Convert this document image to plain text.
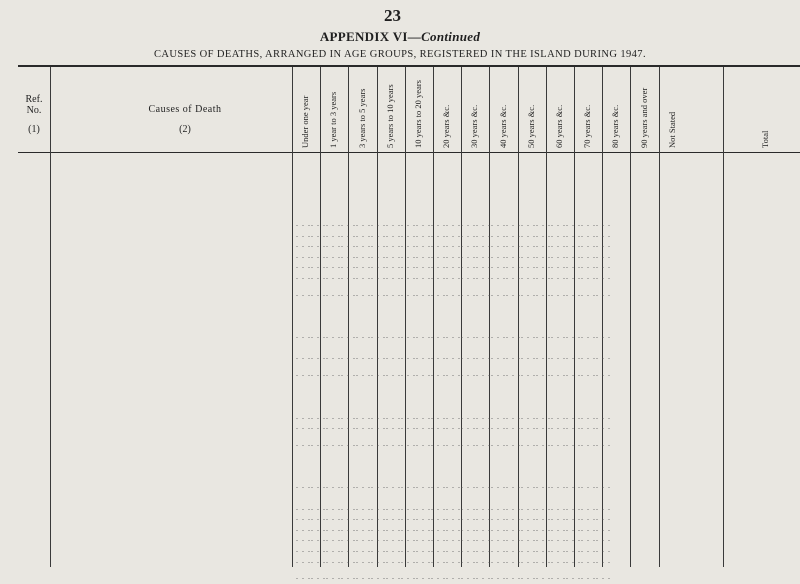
23
APPENDIX VI—Continued
CAUSES OF DEATHS, ARRANGED IN AGE GROUPS, REGISTERED IN THE ISLAND DURING 1947.
Ref.
No.
(1)
Causes of Death
(2)	Under one year 1 year to 3 years 3 years to 5 years 5 years to 10 years 10 years to 20 years 20 years &c. 30 years &c. 40 years &c. 50 years &c. 60 years &c. 70 years &c. 80 years &c. 90 years and over Not Stated	Total
. . .. . .. . .. . .. . .. . .. . .. . .. . .. . .. . .. . .. . .. . .. . .. . .. . .. . .. . .. . .. . .
. . .. . .. . .. . .. . .. . .. . .. . .. . .. . .. . .. . .. . .. . .. . .. . .. . .. . .. . .. . .. . .
. . .. . .. . .. . .. . .. . .. . .. . .. . .. . .. . .. . .. . .. . .. . .. . .. . .. . .. . .. . .. . .
. . .. . .. . .. . .. . .. . .. . .. . .. . .. . .. . .. . .. . .. . .. . .. . .. . .. . .. . .. . .. . .
. . .. . .. . .. . .. . .. . .. . .. . .. . .. . .. . .. . .. . .. . .. . .. . .. . .. . .. . .. . .. . .
. . .. . .. . .. . .. . .. . .. . .. . .. . .. . .. . .. . .. . .. . .. . .. . .. . .. . .. . .. . .. . .
. . .. . .. . .. . .. . .. . .. . .. . .. . .. . .. . .. . .. . .. . .. . .. . .. . .. . .. . .. . .. . .
. . .. . .. . .. . .. . .. . .. . .. . .. . .. . .. . .. . .. . .. . .. . .. . .. . .. . .. . .. . .. . .
. . .. . .. . .. . .. . .. . .. . .. . .. . .. . .. . .. . .. . .. . .. . .. . .. . .. . .. . .. . .. . .
. . .. . .. . .. . .. . .. . .. . .. . .. . .. . .. . .. . .. . .. . .. . .. . .. . .. . .. . .. . .. . .
. . .. . .. . .. . .. . .. . .. . .. . .. . .. . .. . .. . .. . .. . .. . .. . .. . .. . .. . .. . .. . .
. . .. . .. . .. . .. . .. . .. . .. . .. . .. . .. . .. . .. . .. . .. . .. . .. . .. . .. . .. . .. . .
. . .. . .. . .. . .. . .. . .. . .. . .. . .. . .. . .. . .. . .. . .. . .. . .. . .. . .. . .. . .. . .
. . .. . .. . .. . .. . .. . .. . .. . .. . .. . .. . .. . .. . .. . .. . .. . .. . .. . .. . .. . .. . .
. . .. . .. . .. . .. . .. . .. . .. . .. . .. . .. . .. . .. . .. . .. . .. . .. . .. . .. . .. . .. . .
. . .. . .. . .. . .. . .. . .. . .. . .. . .. . .. . .. . .. . .. . .. . .. . .. . .. . .. . .. . .. . .
. . .. . .. . .. . .. . .. . .. . .. . .. . .. . .. . .. . .. . .. . .. . .. . .. . .. . .. . .. . .. . .
. . .. . .. . .. . .. . .. . .. . .. . .. . .. . .. . .. . .. . .. . .. . .. . .. . .. . .. . .. . .. . .
. . .. . .. . .. . .. . .. . .. . .. . .. . .. . .. . .. . .. . .. . .. . .. . .. . .. . .. . .. . .. . .
. . .. . .. . .. . .. . .. . .. . .. . .. . .. . .. . .. . .. . .. . .. . .. . .. . .. . .. . .. . .. . .
. . .. . .. . .. . .. . .. . .. . .. . .. . .. . .. . .. . .. . .. . .. . .. . .. . .. . .. . .. . .. . .
